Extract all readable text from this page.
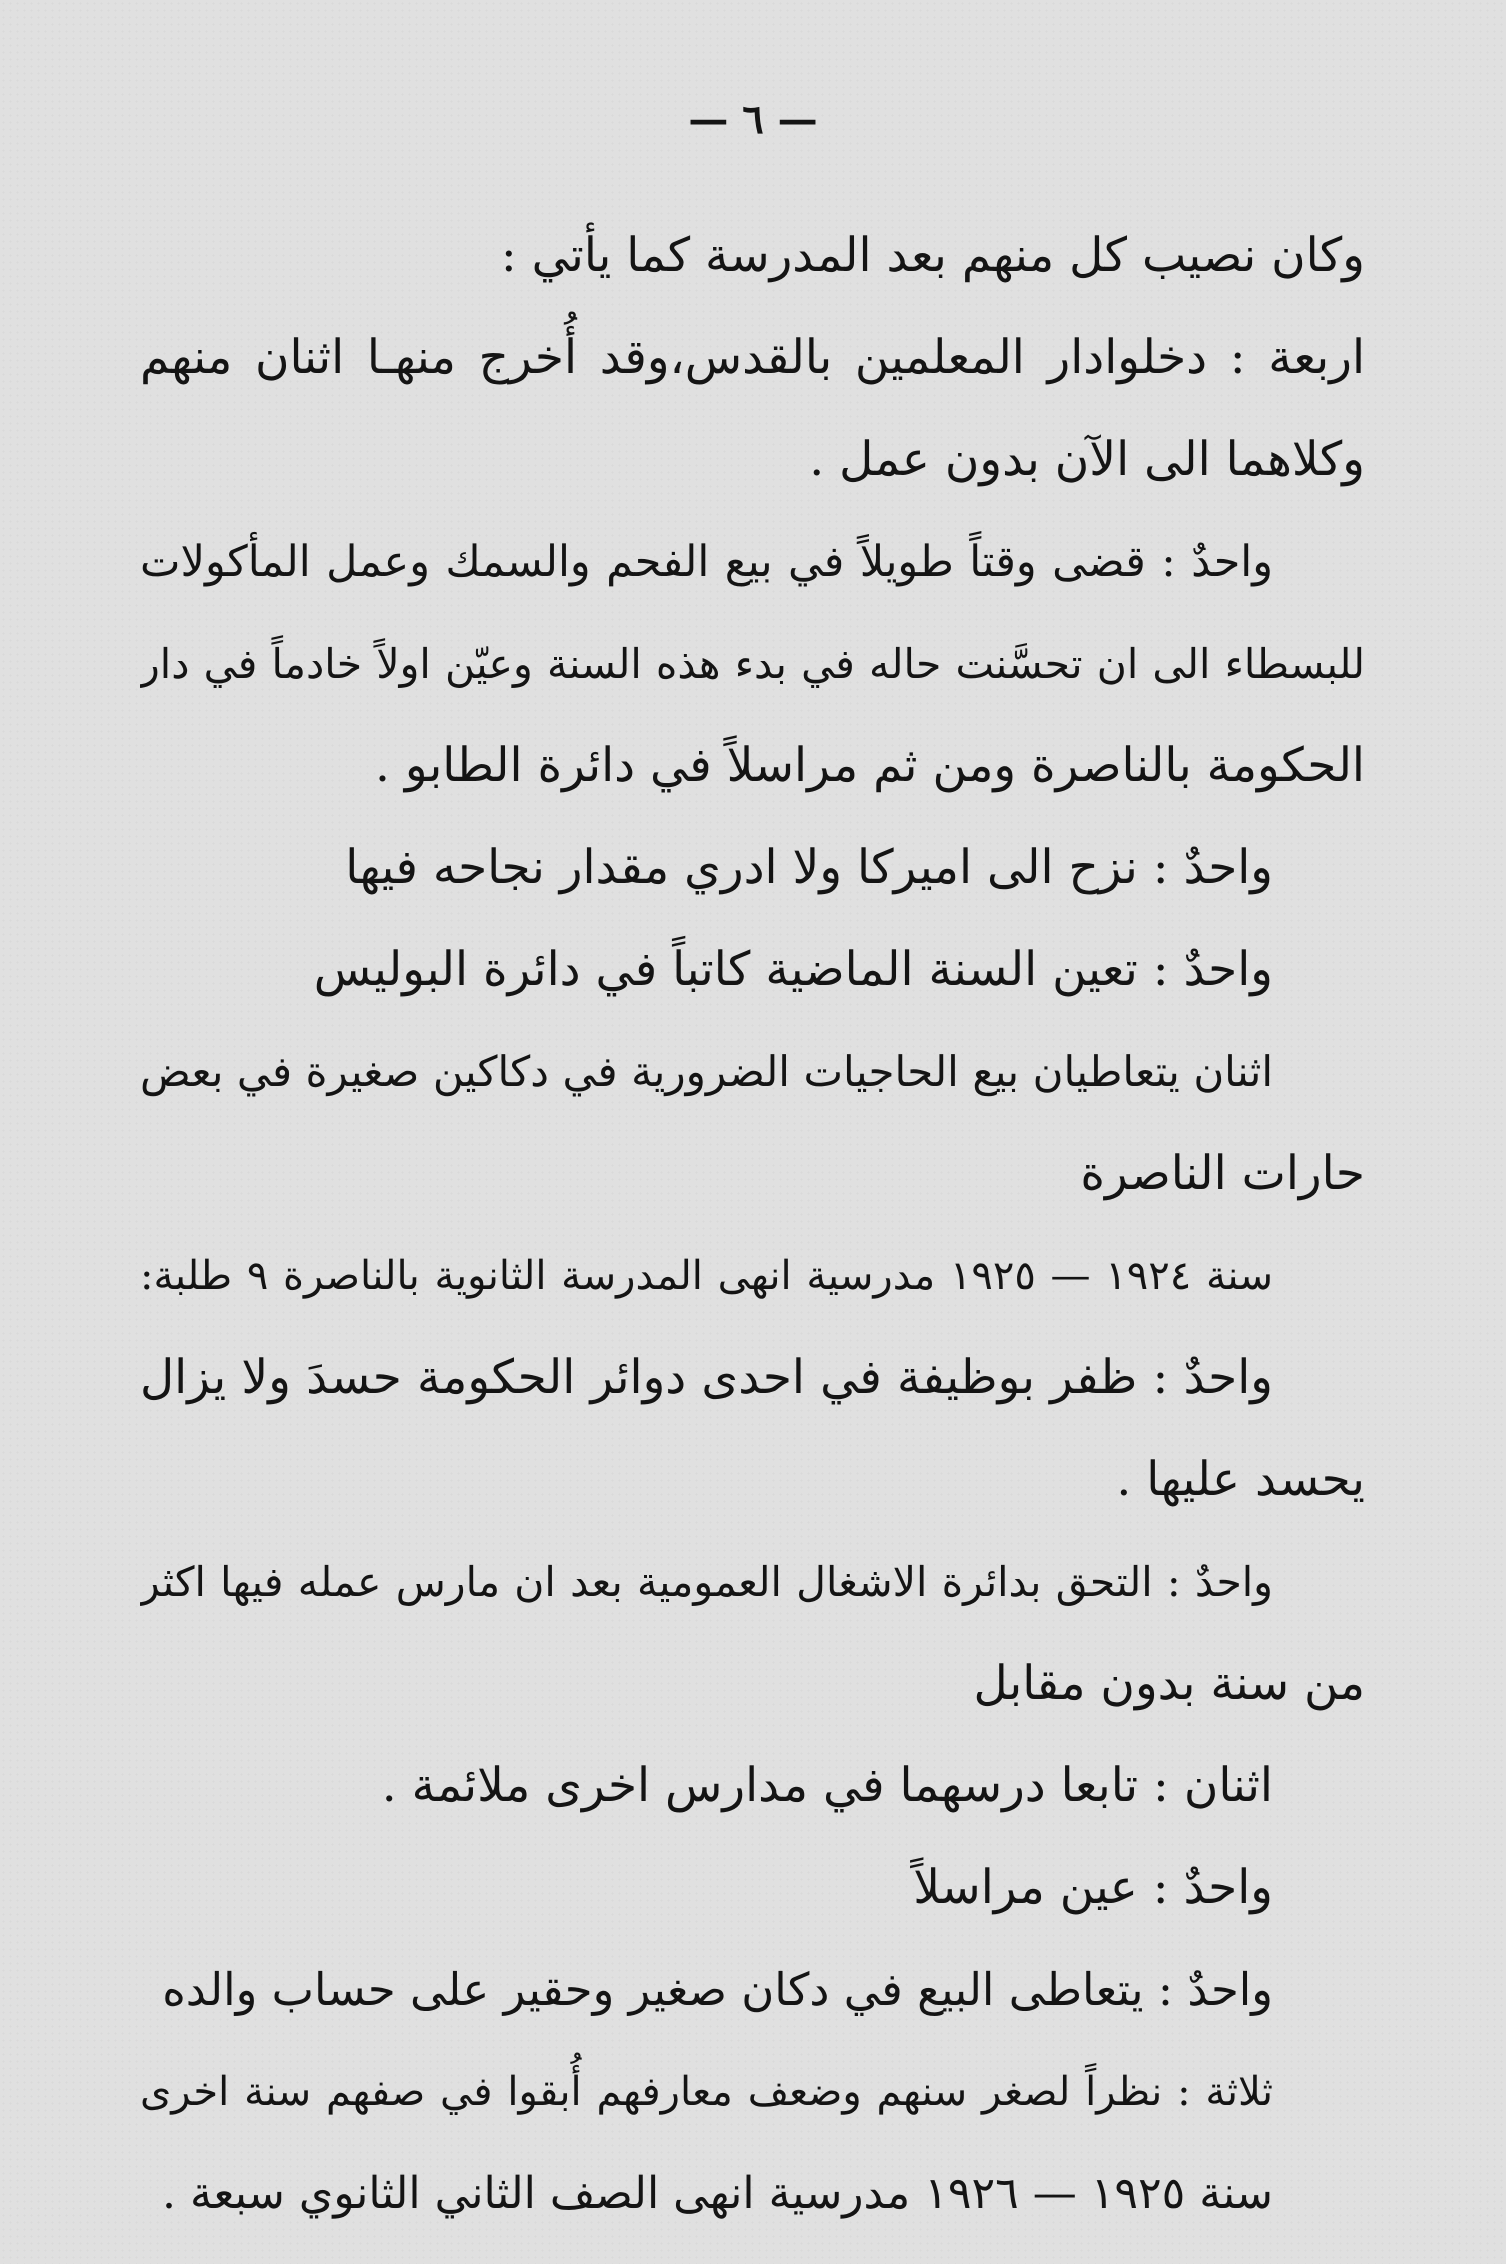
— ٦ —
وكان نصيب كل منهم بعد المدرسة كما يأتي :
اربعة : دخلوادار المعلمين بالقدس،وقد أُخرج منهـا اثنان منهم
وكلاهما الى الآن بدون عمل .
واحدٌ : قضى وقتاً طويلاً في بيع الفحم والسمك وعمل المأكولات
للبسطاء الى ان تحسَّنت حاله في بدء هذه السنة وعيّن اولاً خادماً في دار
الحكومة بالناصرة ومن ثم مراسلاً في دائرة الطابو .
واحدٌ : نزح الى اميركا ولا ادري مقدار نجاحه فيها
واحدٌ : تعين السنة الماضية كاتباً في دائرة البوليس
اثنان يتعاطيان بيع الحاجيات الضرورية في دكاكين صغيرة في بعض
حارات الناصرة
سنة ١٩٢٤ — ١٩٢٥ مدرسية انهى المدرسة الثانوية بالناصرة ٩ طلبة:
واحدٌ : ظفر بوظيفة في احدى دوائر الحكومة حسدَ ولا يزال
يحسد عليها .
واحدٌ : التحق بدائرة الاشغال العمومية بعد ان مارس عمله فيها اكثر
من سنة بدون مقابل
اثنان : تابعا درسهما في مدارس اخرى ملائمة .
واحدٌ : عين مراسلاً
واحدٌ : يتعاطى البيع في دكان صغير وحقير على حساب والده
ثلاثة : نظراً لصغر سنهم وضعف معارفهم أُبقوا في صفهم سنة اخرى
سنة ١٩٢٥ — ١٩٢٦ مدرسية انهى الصف الثاني الثانوي سبعة .
